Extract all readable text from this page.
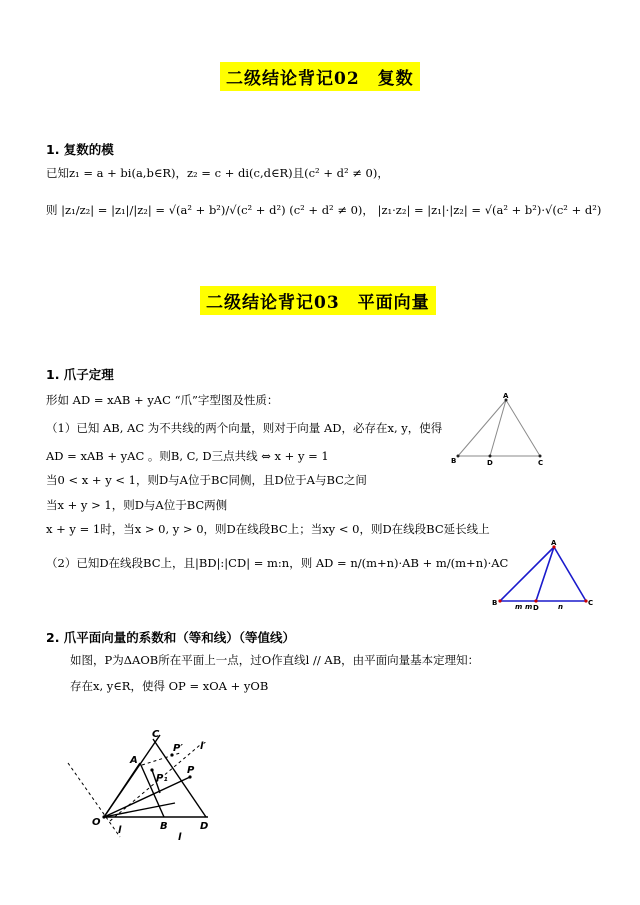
二级结论背记02　复数
1. 复数的模
已知z₁ = a + bi(a,b∈R)，z₂ = c + di(c,d∈R)且(c² + d² ≠ 0)，
则 |z₁/z₂| = |z₁|/|z₂| = √(a² + b²)/√(c² + d²) (c² + d² ≠ 0)， |z₁·z₂| = |z₁|·|z₂| = √(a² + b²)·√(c² + d²)
二级结论背记03　平面向量
1. 爪子定理
形如 AD = xAB + yAC “爪”字型图及性质：
（1）已知 AB, AC 为不共线的两个向量，则对于向量 AD，必存在x, y，使得
AD = xAB + yAC 。则B, C, D三点共线 ⇔ x + y = 1
当0 < x + y < 1，则D与A位于BC同侧，且D位于A与BC之间
当x + y > 1，则D与A位于BC两侧
x + y = 1时，当x > 0, y > 0，则D在线段BC上；当xy < 0，则D在线段BC延长线上
（2）已知D在线段BC上，且|BD|:|CD| = m:n，则 AD = n/(m+n)·AB + m/(m+n)·AC
2. 爪平面向量的系数和（等和线）（等值线）
如图，P为ΔAOB所在平面上一点，过O作直线l // AB，由平面向量基本定理知：
存在x, y∈R，使得 OP = xOA + yOB
A
B	D	C
A
B	C
D
m m	n
O
A
B
C
D
P
P₁
P′
l
l
l′
